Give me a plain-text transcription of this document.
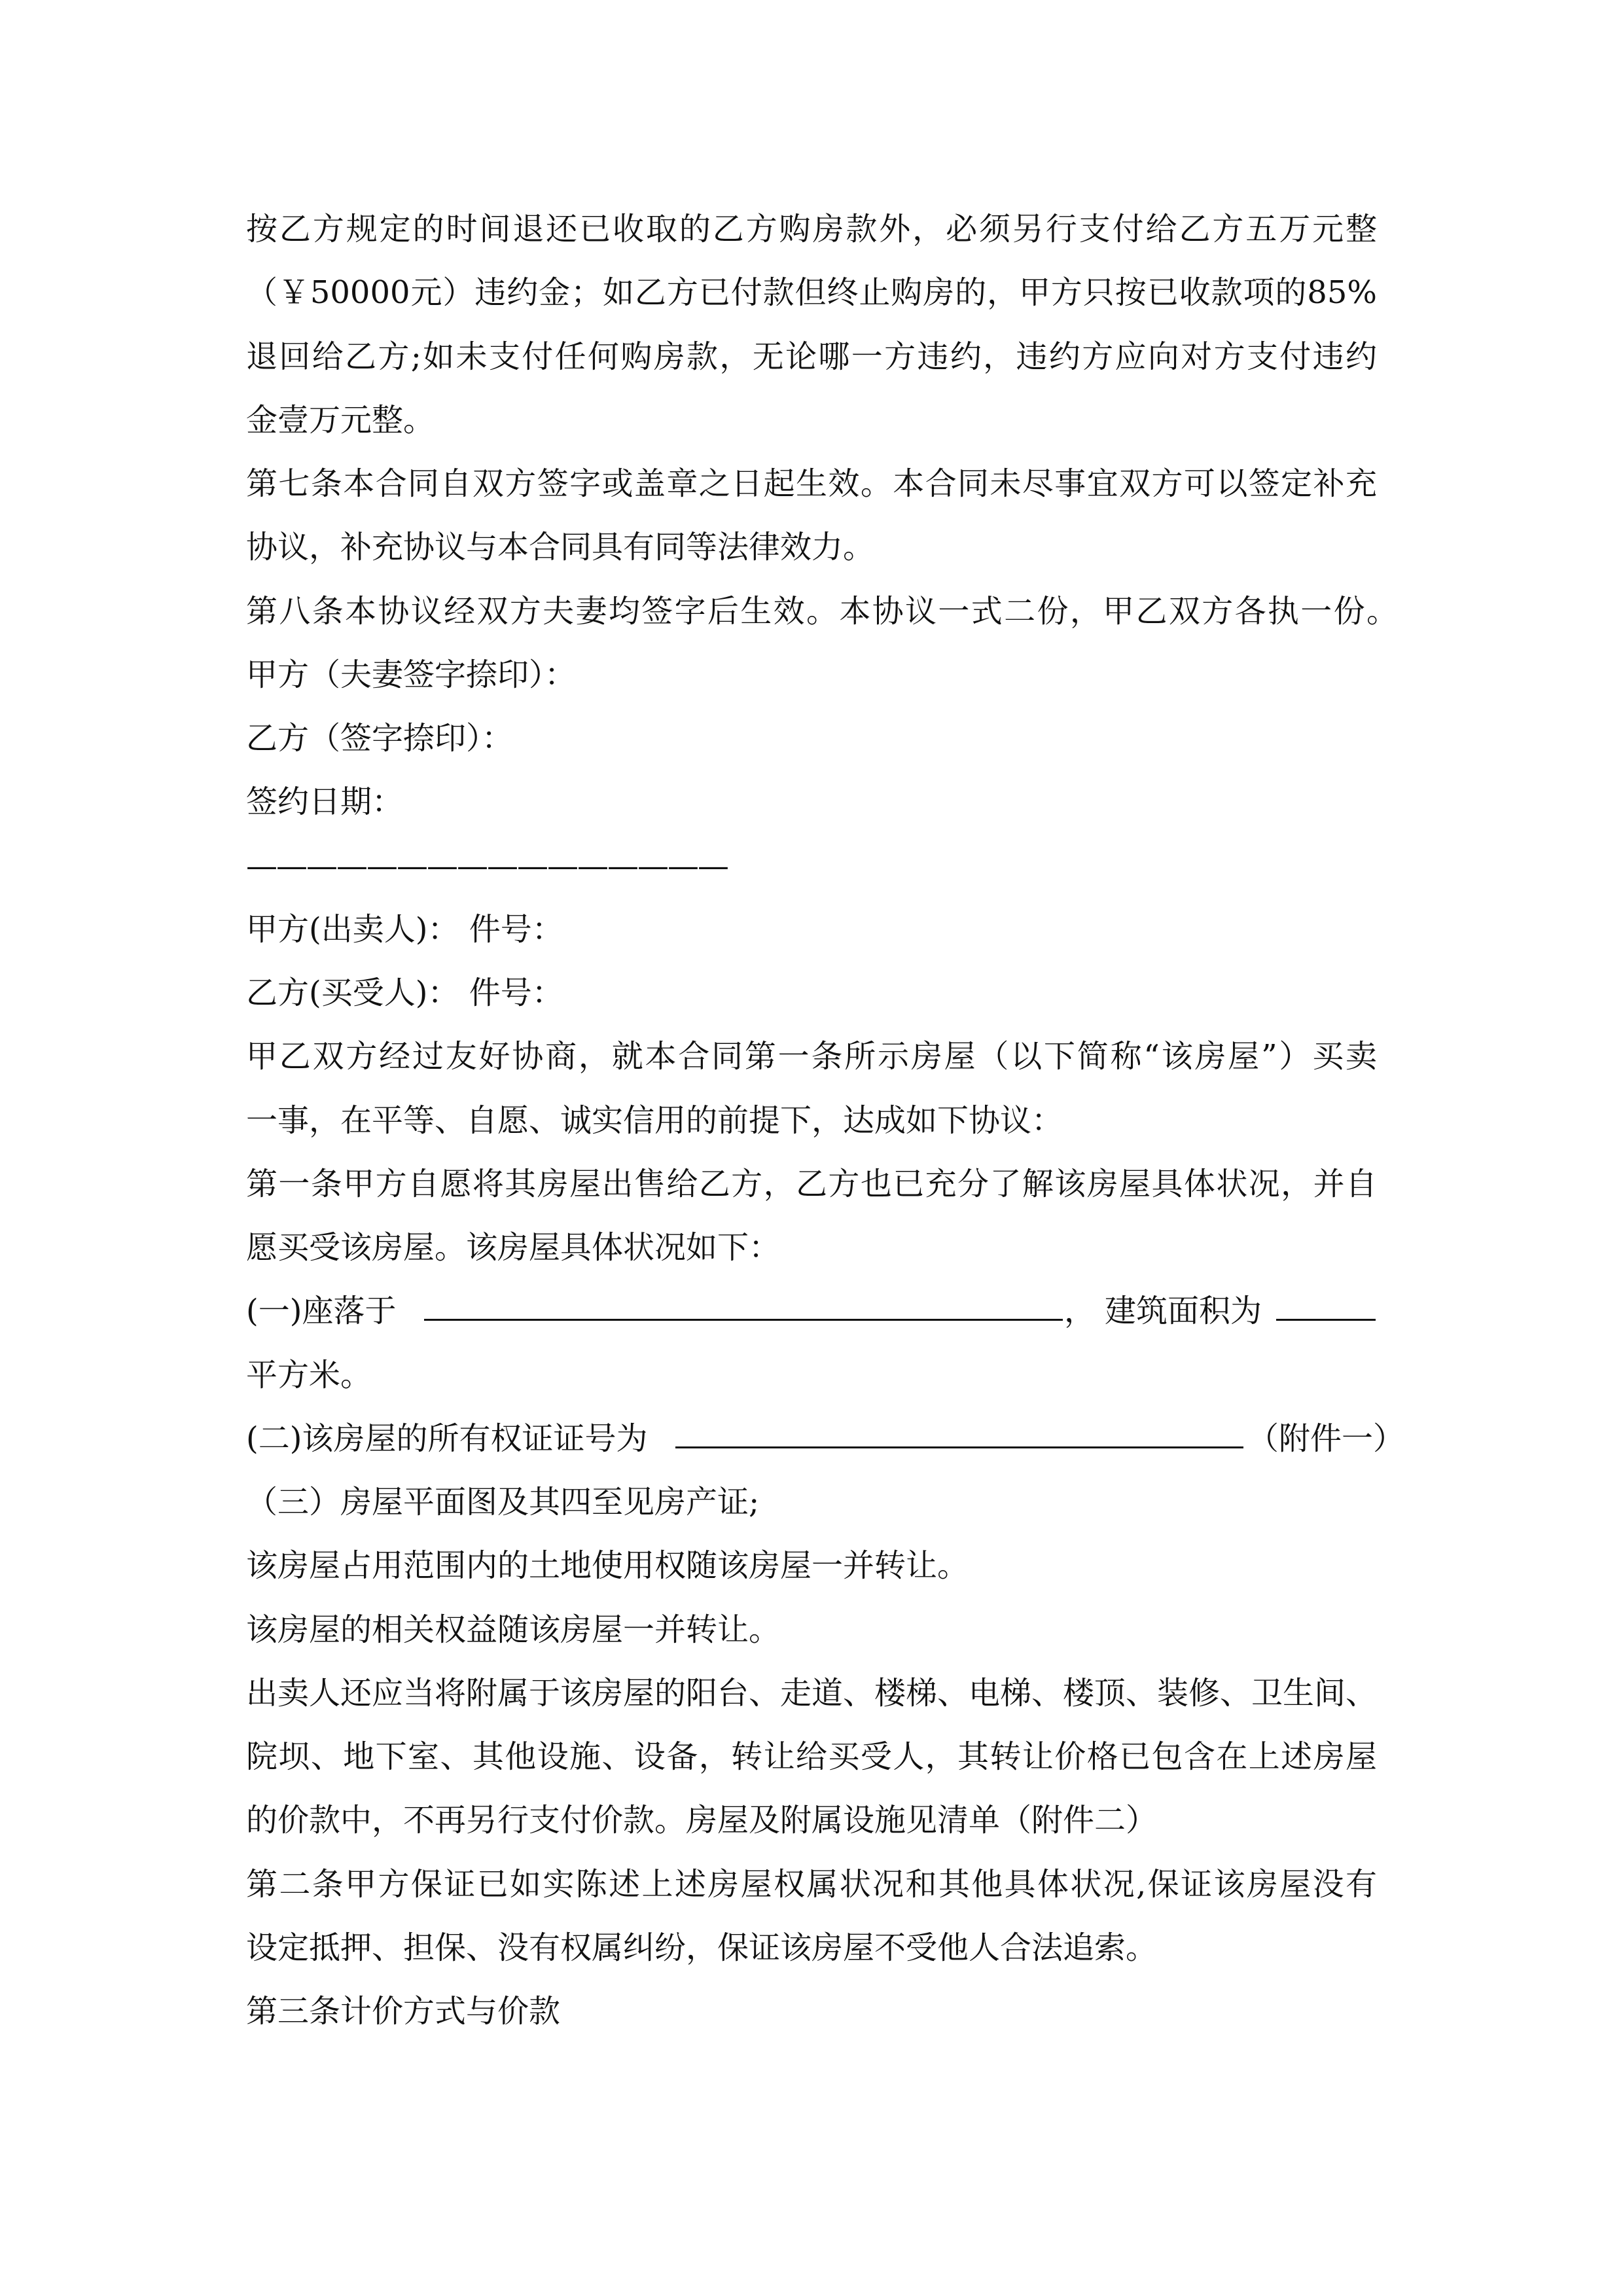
按乙方规定的时间退还已收取的乙方购房款外，必须另行支付给乙方五万元整
（￥50000元）违约金；如乙方已付款但终止购房的，甲方只按已收款项的85%
退回给乙方;如未支付任何购房款，无论哪一方违约，违约方应向对方支付违约
金壹万元整。
第七条本合同自双方签字或盖章之日起生效。本合同未尽事宜双方可以签定补充
协议，补充协议与本合同具有同等法律效力。
第八条本协议经双方夫妻均签字后生效。本协议一式二份，甲乙双方各执一份。
甲方（夫妻签字捺印）：
乙方（签字捺印）：
签约日期：
————————————————
甲方(出卖人)： 件号：
乙方(买受人)： 件号：
甲乙双方经过友好协商，就本合同第一条所示房屋（以下简称“该房屋”）买卖
一事，在平等、自愿、诚实信用的前提下，达成如下协议：
第一条甲方自愿将其房屋出售给乙方，乙方也已充分了解该房屋具体状况，并自
愿买受该房屋。该房屋具体状况如下：
(一)座落于	， 建筑面积为
平方米。
(二)该房屋的所有权证证号为	（附件一）
（三）房屋平面图及其四至见房产证;
该房屋占用范围内的土地使用权随该房屋一并转让。
该房屋的相关权益随该房屋一并转让。
出卖人还应当将附属于该房屋的阳台、走道、楼梯、电梯、楼顶、装修、卫生间、
院坝、地下室、其他设施、设备，转让给买受人，其转让价格已包含在上述房屋
的价款中，不再另行支付价款。房屋及附属设施见清单（附件二）
第二条甲方保证已如实陈述上述房屋权属状况和其他具体状况,保证该房屋没有
设定抵押、担保、没有权属纠纷，保证该房屋不受他人合法追索。
第三条计价方式与价款
